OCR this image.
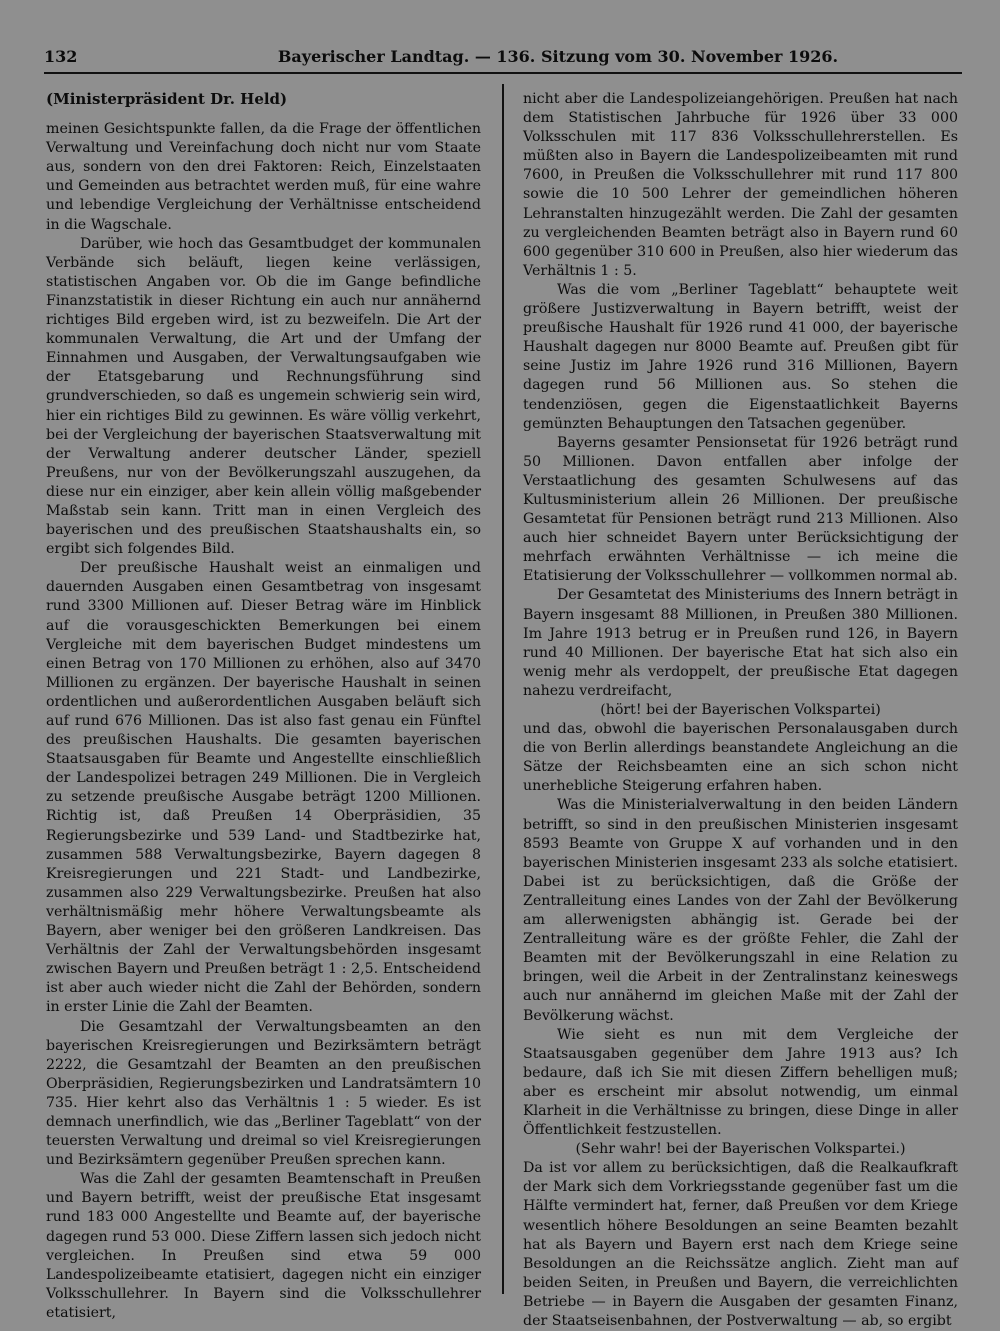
132	Bayerischer Landtag. — 136. Sitzung vom 30. November 1926.

(Ministerpräsident Dr. Held)

meinen Gesichtspunkte fallen, da die Frage der öffentlichen Verwaltung und Vereinfachung doch nicht nur vom Staate aus, sondern von den drei Faktoren: Reich, Einzelstaaten und Gemeinden aus betrachtet werden muß, für eine wahre und lebendige Vergleichung der Verhältnisse entscheidend in die Wagschale.

Darüber, wie hoch das Gesamtbudget der kommunalen Verbände sich beläuft, liegen keine verlässigen, statistischen Angaben vor. Ob die im Gange befindliche Finanzstatistik in dieser Richtung ein auch nur annähernd richtiges Bild ergeben wird, ist zu bezweifeln. Die Art der kommunalen Verwaltung, die Art und der Umfang der Einnahmen und Ausgaben, der Verwaltungsaufgaben wie der Etatsgebarung und Rechnungsführung sind grundverschieden, so daß es ungemein schwierig sein wird, hier ein richtiges Bild zu gewinnen. Es wäre völlig verkehrt, bei der Vergleichung der bayerischen Staatsverwaltung mit der Verwaltung anderer deutscher Länder, speziell Preußens, nur von der Bevölkerungszahl auszugehen, da diese nur ein einziger, aber kein allein völlig maßgebender Maßstab sein kann. Tritt man in einen Vergleich des bayerischen und des preußischen Staatshaushalts ein, so ergibt sich folgendes Bild.

Der preußische Haushalt weist an einmaligen und dauernden Ausgaben einen Gesamtbetrag von insgesamt rund 3300 Millionen auf. Dieser Betrag wäre im Hinblick auf die vorausgeschickten Bemerkungen bei einem Vergleiche mit dem bayerischen Budget mindestens um einen Betrag von 170 Millionen zu erhöhen, also auf 3470 Millionen zu ergänzen. Der bayerische Haushalt in seinen ordentlichen und außerordentlichen Ausgaben beläuft sich auf rund 676 Millionen. Das ist also fast genau ein Fünftel des preußischen Haushalts. Die gesamten bayerischen Staatsausgaben für Beamte und Angestellte einschließlich der Landespolizei betragen 249 Millionen. Die in Vergleich zu setzende preußische Ausgabe beträgt 1200 Millionen. Richtig ist, daß Preußen 14 Oberpräsidien, 35 Regierungsbezirke und 539 Land- und Stadtbezirke hat, zusammen 588 Verwaltungsbezirke, Bayern dagegen 8 Kreisregierungen und 221 Stadt- und Landbezirke, zusammen also 229 Verwaltungsbezirke. Preußen hat also verhältnismäßig mehr höhere Verwaltungsbeamte als Bayern, aber weniger bei den größeren Landkreisen. Das Verhältnis der Zahl der Verwaltungsbehörden insgesamt zwischen Bayern und Preußen beträgt 1 : 2,5. Entscheidend ist aber auch wieder nicht die Zahl der Behörden, sondern in erster Linie die Zahl der Beamten.

Die Gesamtzahl der Verwaltungsbeamten an den bayerischen Kreisregierungen und Bezirksämtern beträgt 2222, die Gesamtzahl der Beamten an den preußischen Oberpräsidien, Regierungsbezirken und Landratsämtern 10 735. Hier kehrt also das Verhältnis 1 : 5 wieder. Es ist demnach unerfindlich, wie das „Berliner Tageblatt“ von der teuersten Verwaltung und dreimal so viel Kreisregierungen und Bezirksämtern gegenüber Preußen sprechen kann.

Was die Zahl der gesamten Beamtenschaft in Preußen und Bayern betrifft, weist der preußische Etat insgesamt rund 183 000 Angestellte und Beamte auf, der bayerische dagegen rund 53 000. Diese Ziffern lassen sich jedoch nicht vergleichen. In Preußen sind etwa 59 000 Landespolizeibeamte etatisiert, dagegen nicht ein einziger Volksschullehrer. In Bayern sind die Volksschullehrer etatisiert,

nicht aber die Landespolizeiangehörigen. Preußen hat nach dem Statistischen Jahrbuche für 1926 über 33 000 Volksschulen mit 117 836 Volksschullehrerstellen. Es müßten also in Bayern die Landespolizeibeamten mit rund 7600, in Preußen die Volksschullehrer mit rund 117 800 sowie die 10 500 Lehrer der gemeindlichen höheren Lehranstalten hinzugezählt werden. Die Zahl der gesamten zu vergleichenden Beamten beträgt also in Bayern rund 60 600 gegenüber 310 600 in Preußen, also hier wiederum das Verhältnis 1 : 5.

Was die vom „Berliner Tageblatt“ behauptete weit größere Justizverwaltung in Bayern betrifft, weist der preußische Haushalt für 1926 rund 41 000, der bayerische Haushalt dagegen nur 8000 Beamte auf. Preußen gibt für seine Justiz im Jahre 1926 rund 316 Millionen, Bayern dagegen rund 56 Millionen aus. So stehen die tendenziösen, gegen die Eigenstaatlichkeit Bayerns gemünzten Behauptungen den Tatsachen gegenüber.

Bayerns gesamter Pensionsetat für 1926 beträgt rund 50 Millionen. Davon entfallen aber infolge der Verstaatlichung des gesamten Schulwesens auf das Kultusministerium allein 26 Millionen. Der preußische Gesamtetat für Pensionen beträgt rund 213 Millionen. Also auch hier schneidet Bayern unter Berücksichtigung der mehrfach erwähnten Verhältnisse — ich meine die Etatisierung der Volksschullehrer — vollkommen normal ab.

Der Gesamtetat des Ministeriums des Innern beträgt in Bayern insgesamt 88 Millionen, in Preußen 380 Millionen. Im Jahre 1913 betrug er in Preußen rund 126, in Bayern rund 40 Millionen. Der bayerische Etat hat sich also ein wenig mehr als verdoppelt, der preußische Etat dagegen nahezu verdreifacht,

(hört! bei der Bayerischen Volkspartei)

und das, obwohl die bayerischen Personalausgaben durch die von Berlin allerdings beanstandete Angleichung an die Sätze der Reichsbeamten eine an sich schon nicht unerhebliche Steigerung erfahren haben.

Was die Ministerialverwaltung in den beiden Ländern betrifft, so sind in den preußischen Ministerien insgesamt 8593 Beamte von Gruppe X auf vorhanden und in den bayerischen Ministerien insgesamt 233 als solche etatisiert. Dabei ist zu berücksichtigen, daß die Größe der Zentralleitung eines Landes von der Zahl der Bevölkerung am allerwenigsten abhängig ist. Gerade bei der Zentralleitung wäre es der größte Fehler, die Zahl der Beamten mit der Bevölkerungszahl in eine Relation zu bringen, weil die Arbeit in der Zentralinstanz keineswegs auch nur annähernd im gleichen Maße mit der Zahl der Bevölkerung wächst.

Wie sieht es nun mit dem Vergleiche der Staatsausgaben gegenüber dem Jahre 1913 aus? Ich bedaure, daß ich Sie mit diesen Ziffern behelligen muß; aber es erscheint mir absolut notwendig, um einmal Klarheit in die Verhältnisse zu bringen, diese Dinge in aller Öffentlichkeit festzustellen.

(Sehr wahr! bei der Bayerischen Volkspartei.)

Da ist vor allem zu berücksichtigen, daß die Realkaufkraft der Mark sich dem Vorkriegsstande gegenüber fast um die Hälfte vermindert hat, ferner, daß Preußen vor dem Kriege wesentlich höhere Besoldungen an seine Beamten bezahlt hat als Bayern und Bayern erst nach dem Kriege seine Besoldungen an die Reichssätze anglich. Zieht man auf beiden Seiten, in Preußen und Bayern, die verreichlichten Betriebe — in Bayern die Ausgaben der gesamten Finanz, der Staatseisenbahnen, der Postverwaltung — ab, so ergibt
